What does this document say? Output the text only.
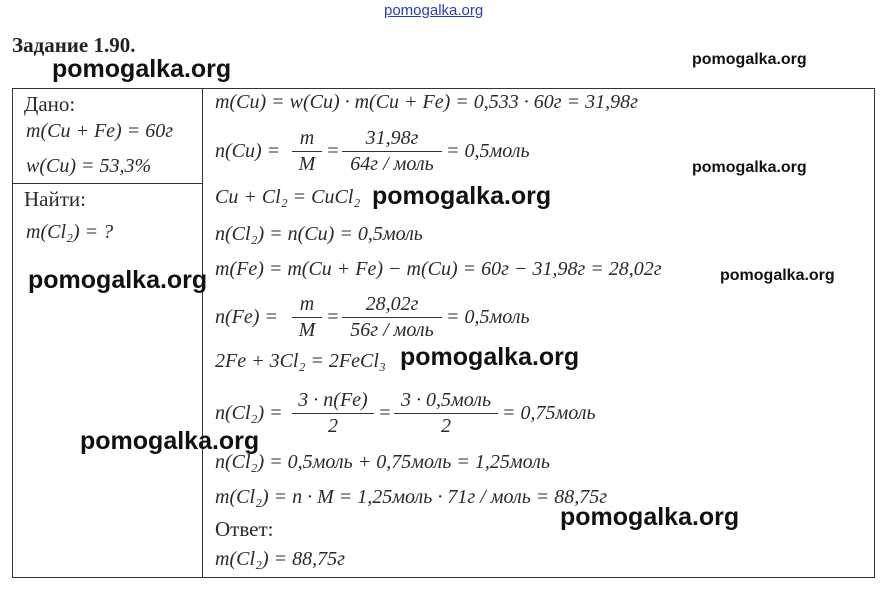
pomogalka.org
Задание 1.90.
Дано:
m(Cu + Fe) = 60г
w(Cu) = 53,3%
Найти:
m(Cl₂) = ?
m(Cu) = w(Cu) · m(Cu + Fe) = 0,533 · 60г = 31,98г
$n(Cu) = \frac{m}{M}$ =
31,98г
64г / моль
= 0,5моль
Cu + Cl₂ = CuCl₂
n(Cl₂) = n(Cu) = 0,5моль
m(Fe) = m(Cu + Fe) − m(Cu) = 60г − 31,98г = 28,02г
$n(Fe) = \frac{m}{M}$ =
28,02г
56г / моль
= 0,5моль
2Fe + 3Cl₂ = 2FeCl₃
$n(Cl_2) = \frac{3 \cdot n(Fe)}{2}$ =
3 · 0,5моль
2
= 0,75моль
n(Cl₂) = 0,5моль + 0,75моль = 1,25моль
m(Cl₂) = n · M = 1,25моль · 71г / моль = 88,75г
Ответ:
m(Cl₂) = 88,75г
pomogalka.org	pomogalka.org
pomogalka.org
pomogalka.org
pomogalka.org	pomogalka.org
pomogalka.org
pomogalka.org
pomogalka.org
